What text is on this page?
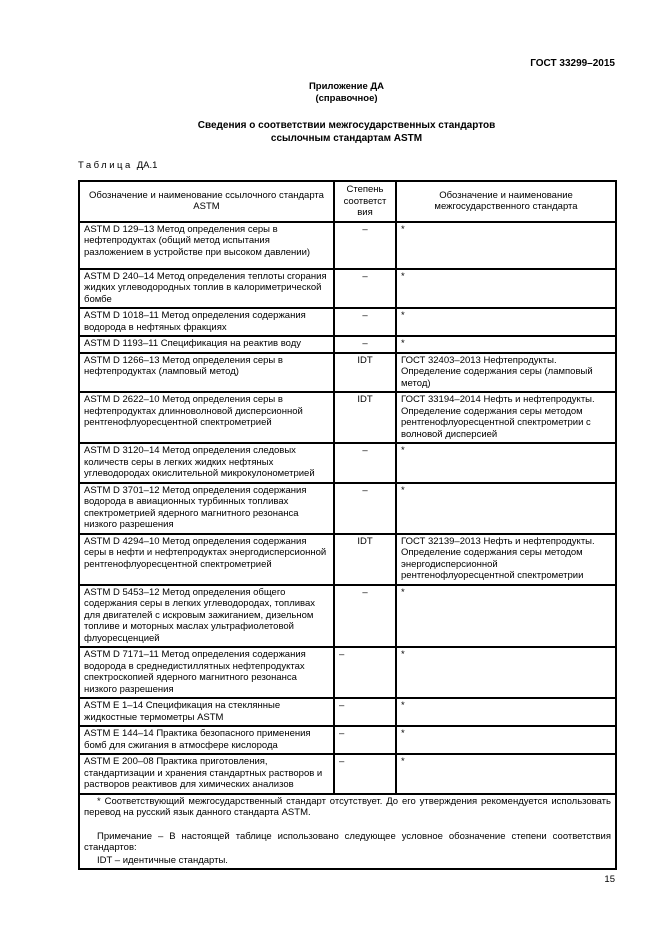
ГОСТ 33299–2015
Приложение ДА
(справочное)
Сведения о соответствии межгосударственных стандартов
ссылочным стандартам ASTM
Таблица ДА.1
Обозначение и наименование ссылочного стандарта ASTM	Степень соответст вия	Обозначение и наименование межгосударственного стандарта
ASTM D 129–13 Метод определения серы в нефтепродуктах (общий метод испытания разложением в устройстве при высоком давлении)	–	*
ASTM D 240–14 Метод определения теплоты сгорания жидких углеводородных топлив в калориметрической бомбе	–	*
ASTM D 1018–11 Метод определения содержания водорода в нефтяных фракциях	–	*
ASTM D 1193–11 Спецификация на реактив воду	–	*
ASTM D 1266–13 Метод определения серы в нефтепродуктах (ламповый метод)	IDT	ГОСТ 32403–2013 Нефтепродукты. Определение содержания серы (ламповый метод)
ASTM D 2622–10 Метод определения серы в нефтепродуктах длинноволновой дисперсионной рентгенофлуоресцентной спектрометрией	IDT	ГОСТ 33194–2014 Нефть и нефтепродукты. Определение содержания серы методом рентгенофлуоресцентной спектрометрии с волновой дисперсией
ASTM D 3120–14 Метод определения следовых количеств серы в легких жидких нефтяных углеводородах окислительной микрокулонометрией	–	*
ASTM D 3701–12 Метод определения содержания водорода в авиационных турбинных топливах спектрометрией ядерного магнитного резонанса низкого разрешения	–	*
ASTM D 4294–10 Метод определения содержания серы в нефти и нефтепродуктах энергодисперсионной рентгенофлуоресцентной спектрометрией	IDT	ГОСТ 32139–2013 Нефть и нефтепродукты. Определение содержания серы методом энергодисперсионной рентгенофлуоресцентной спектрометрии
ASTM D 5453–12 Метод определения общего содержания серы в легких углеводородах, топливах для двигателей с искровым зажиганием, дизельном топливе и моторных маслах ультрафиолетовой флуоресценцией	–	*
ASTM D 7171–11 Метод определения содержания водорода в среднедистиллятных нефтепродуктах спектроскопией ядерного магнитного резонанса низкого разрешения	–	*
ASTM E 1–14 Спецификация на стеклянные жидкостные термометры ASTM	–	*
ASTM E 144–14 Практика безопасного применения бомб для сжигания в атмосфере кислорода	–	*
ASTM E 200–08 Практика приготовления, стандартизации и хранения стандартных растворов и растворов реактивов для химических анализов	–	*

* Соответствующий межгосударственный стандарт отсутствует. До его утверждения рекомендуется использовать перевод на русский язык данного стандарта ASTM.

Примечание – В настоящей таблице использовано следующее условное обозначение степени соответствия стандартов:

IDT – идентичные стандарты.		

15
